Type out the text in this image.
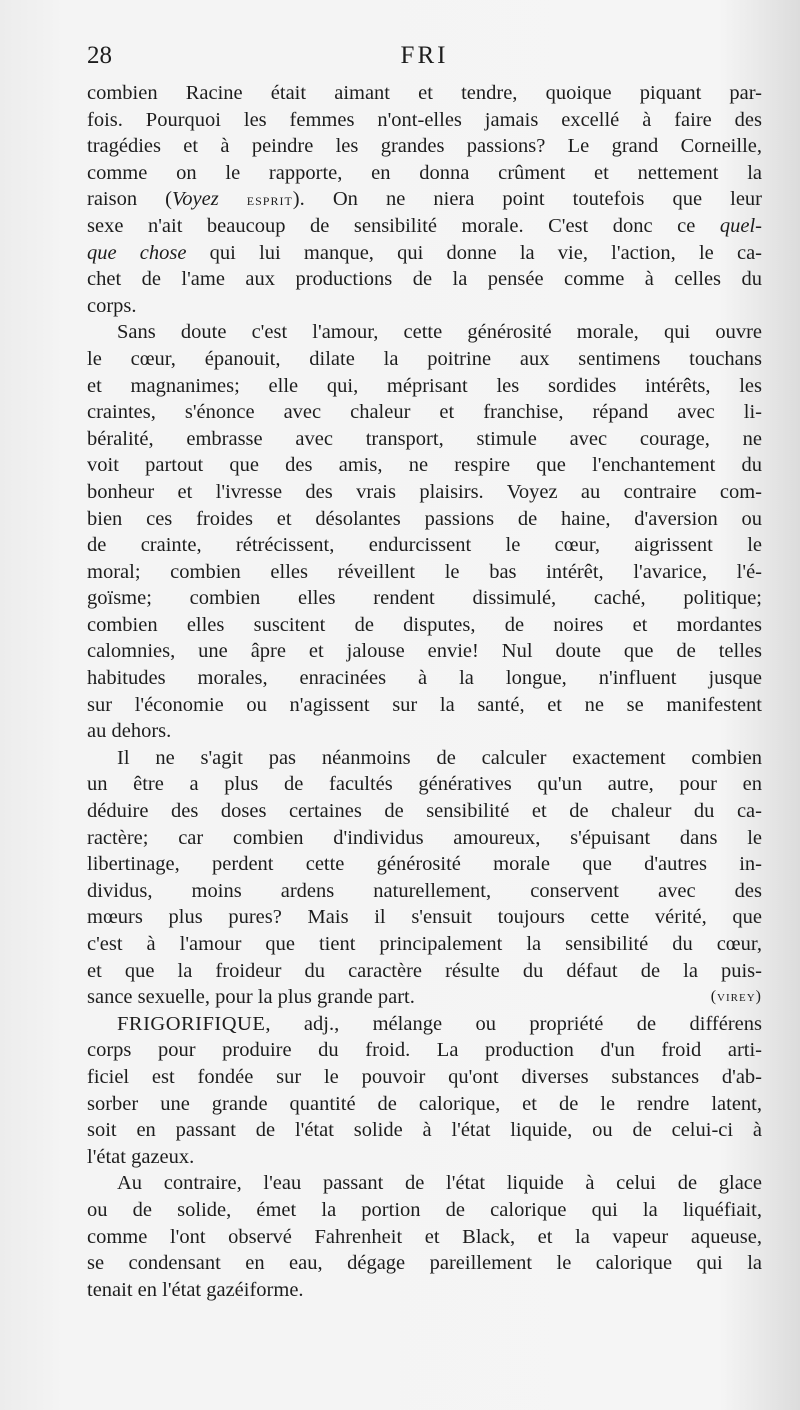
28	FRI
combien Racine était aimant et tendre, quoique piquant par-
fois. Pourquoi les femmes n'ont-elles jamais excellé à faire des
tragédies et à peindre les grandes passions? Le grand Corneille,
comme on le rapporte, en donna crûment et nettement la
raison (Voyez esprit). On ne niera point toutefois que leur
sexe n'ait beaucoup de sensibilité morale. C'est donc ce quel-
que chose qui lui manque, qui donne la vie, l'action, le ca-
chet de l'ame aux productions de la pensée comme à celles du
corps.
Sans doute c'est l'amour, cette générosité morale, qui ouvre
le cœur, épanouit, dilate la poitrine aux sentimens touchans
et magnanimes; elle qui, méprisant les sordides intérêts, les
craintes, s'énonce avec chaleur et franchise, répand avec li-
béralité, embrasse avec transport, stimule avec courage, ne
voit partout que des amis, ne respire que l'enchantement du
bonheur et l'ivresse des vrais plaisirs. Voyez au contraire com-
bien ces froides et désolantes passions de haine, d'aversion ou
de crainte, rétrécissent, endurcissent le cœur, aigrissent le
moral; combien elles réveillent le bas intérêt, l'avarice, l'é-
goïsme; combien elles rendent dissimulé, caché, politique;
combien elles suscitent de disputes, de noires et mordantes
calomnies, une âpre et jalouse envie! Nul doute que de telles
habitudes morales, enracinées à la longue, n'influent jusque
sur l'économie ou n'agissent sur la santé, et ne se manifestent
au dehors.
Il ne s'agit pas néanmoins de calculer exactement combien
un être a plus de facultés génératives qu'un autre, pour en
déduire des doses certaines de sensibilité et de chaleur du ca-
ractère; car combien d'individus amoureux, s'épuisant dans le
libertinage, perdent cette générosité morale que d'autres in-
dividus, moins ardens naturellement, conservent avec des
mœurs plus pures? Mais il s'ensuit toujours cette vérité, que
c'est à l'amour que tient principalement la sensibilité du cœur,
et que la froideur du caractère résulte du défaut de la puis-
sance sexuelle, pour la plus grande part.	(virey)
FRIGORIFIQUE, adj., mélange ou propriété de différens
corps pour produire du froid. La production d'un froid arti-
ficiel est fondée sur le pouvoir qu'ont diverses substances d'ab-
sorber une grande quantité de calorique, et de le rendre latent,
soit en passant de l'état solide à l'état liquide, ou de celui-ci à
l'état gazeux.
Au contraire, l'eau passant de l'état liquide à celui de glace
ou de solide, émet la portion de calorique qui la liquéfiait,
comme l'ont observé Fahrenheit et Black, et la vapeur aqueuse,
se condensant en eau, dégage pareillement le calorique qui la
tenait en l'état gazéiforme.
